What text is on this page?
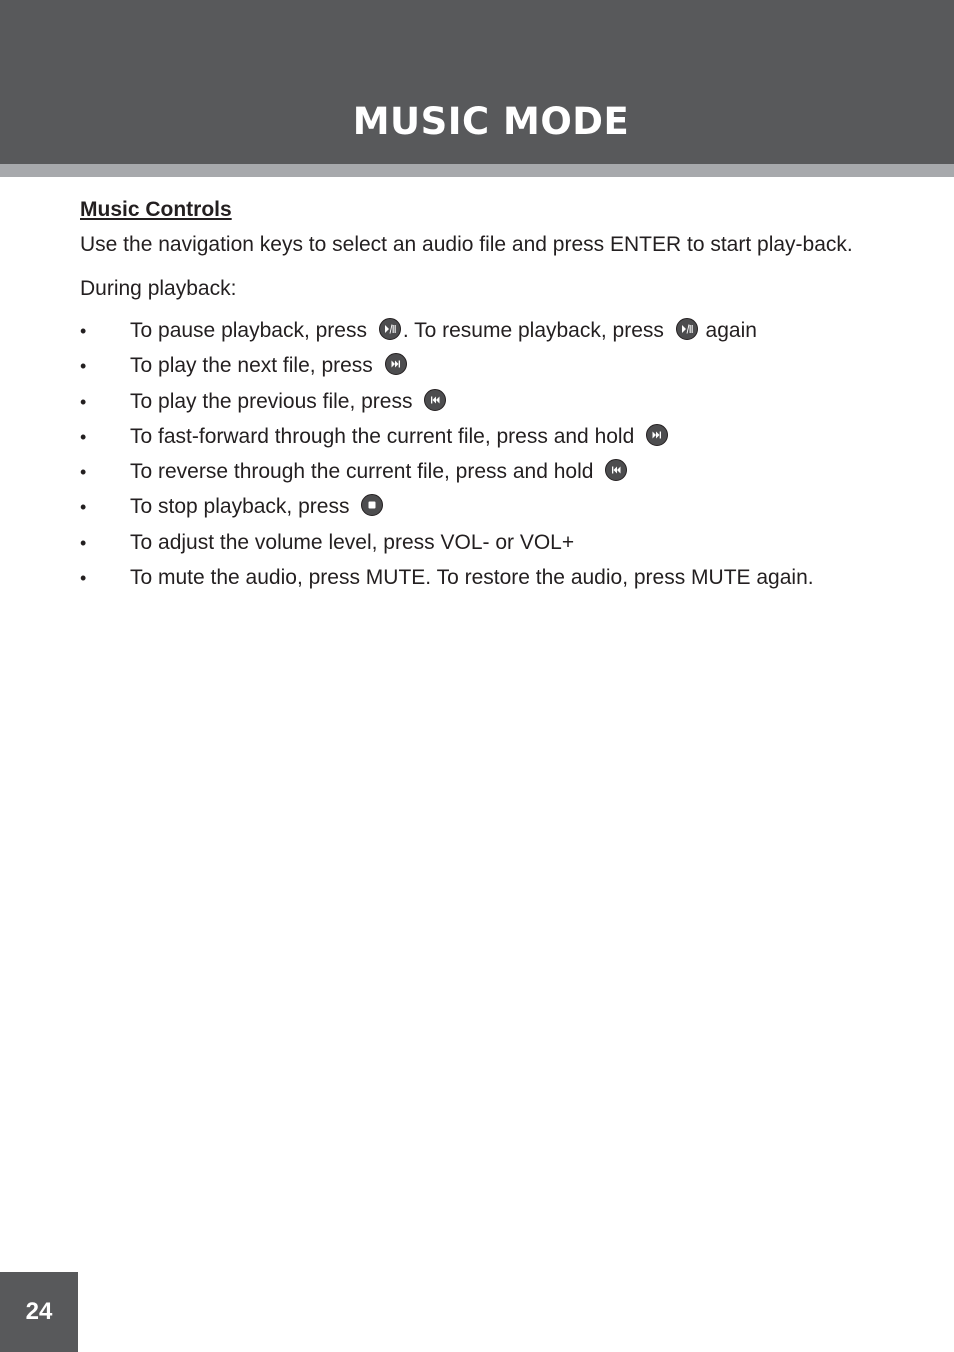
MUSIC MODE
Music Controls

Use the navigation keys to select an audio file and press ENTER to start play-back.

During playback:

• To pause playback, press
. To resume playback, press
again
• To play the next file, press
• To play the previous file, press
• To fast-forward through the current file, press and hold
• To reverse through the current file, press and hold
• To stop playback, press
• To adjust the volume level, press VOL- or VOL+
• To mute the audio, press MUTE. To restore the audio, press MUTE again.
24
